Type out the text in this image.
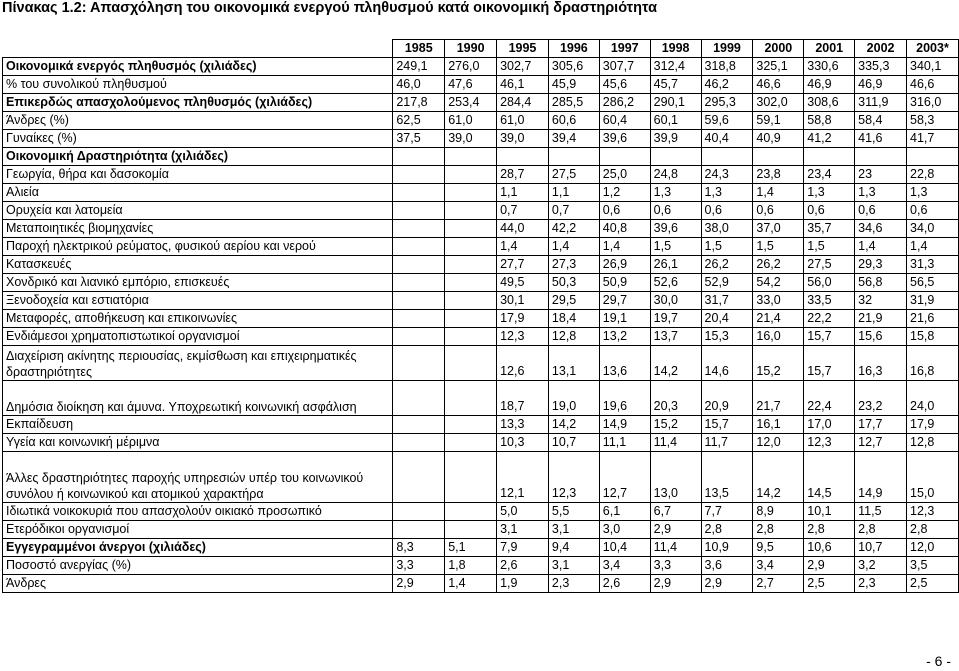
Πίνακας 1.2: Απασχόληση του οικονομικά ενεργού πληθυσμού κατά οικονομική δραστηριότητα
	1985	1990	1995	1996	1997	1998	1999	2000	2001	2002	2003*
Οικονομικά ενεργός πληθυσμός (χιλιάδες)	249,1	276,0	302,7	305,6	307,7	312,4	318,8	325,1	330,6	335,3	340,1
% του συνολικού πληθυσμού	46,0	47,6	46,1	45,9	45,6	45,7	46,2	46,6	46,9	46,9	46,6
Επικερδώς απασχολούμενος πληθυσμός (χιλιάδες)	217,8	253,4	284,4	285,5	286,2	290,1	295,3	302,0	308,6	311,9	316,0
Άνδρες (%)	62,5	61,0	61,0	60,6	60,4	60,1	59,6	59,1	58,8	58,4	58,3
Γυναίκες (%)	37,5	39,0	39,0	39,4	39,6	39,9	40,4	40,9	41,2	41,6	41,7
Οικονομική Δραστηριότητα (χιλιάδες)											
Γεωργία, θήρα και δασοκομία			28,7	27,5	25,0	24,8	24,3	23,8	23,4	23	22,8
Αλιεία			1,1	1,1	1,2	1,3	1,3	1,4	1,3	1,3	1,3
Ορυχεία και λατομεία			0,7	0,7	0,6	0,6	0,6	0,6	0,6	0,6	0,6
Μεταποιητικές βιομηχανίες			44,0	42,2	40,8	39,6	38,0	37,0	35,7	34,6	34,0
Παροχή ηλεκτρικού ρεύματος, φυσικού αερίου και νερού			1,4	1,4	1,4	1,5	1,5	1,5	1,5	1,4	1,4
Κατασκευές			27,7	27,3	26,9	26,1	26,2	26,2	27,5	29,3	31,3
Χονδρικό και λιανικό εμπόριο, επισκευές			49,5	50,3	50,9	52,6	52,9	54,2	56,0	56,8	56,5
Ξενοδοχεία και εστιατόρια			30,1	29,5	29,7	30,0	31,7	33,0	33,5	32	31,9
Μεταφορές, αποθήκευση και επικοινωνίες			17,9	18,4	19,1	19,7	20,4	21,4	22,2	21,9	21,6
Ενδιάμεσοι χρηματοπιστωτικοί οργανισμοί			12,3	12,8	13,2	13,7	15,3	16,0	15,7	15,6	15,8
Διαχείριση ακίνητης περιουσίας, εκμίσθωση και επιχειρηματικές δραστηριότητες			12,6	13,1	13,6	14,2	14,6	15,2	15,7	16,3	16,8
Δημόσια διοίκηση και άμυνα. Υποχρεωτική κοινωνική ασφάλιση			18,7	19,0	19,6	20,3	20,9	21,7	22,4	23,2	24,0
Εκπαίδευση			13,3	14,2	14,9	15,2	15,7	16,1	17,0	17,7	17,9
Υγεία και κοινωνική μέριμνα			10,3	10,7	11,1	11,4	11,7	12,0	12,3	12,7	12,8
Άλλες δραστηριότητες παροχής υπηρεσιών υπέρ του κοινωνικού συνόλου ή κοινωνικού και ατομικού χαρακτήρα			12,1	12,3	12,7	13,0	13,5	14,2	14,5	14,9	15,0
Ιδιωτικά νοικοκυριά που απασχολούν οικιακό προσωπικό			5,0	5,5	6,1	6,7	7,7	8,9	10,1	11,5	12,3
Ετερόδικοι οργανισμοί			3,1	3,1	3,0	2,9	2,8	2,8	2,8	2,8	2,8
Εγγεγραμμένοι άνεργοι (χιλιάδες)	8,3	5,1	7,9	9,4	10,4	11,4	10,9	9,5	10,6	10,7	12,0
Ποσοστό ανεργίας (%)	3,3	1,8	2,6	3,1	3,4	3,3	3,6	3,4	2,9	3,2	3,5
Άνδρες	2,9	1,4	1,9	2,3	2,6	2,9	2,9	2,7	2,5	2,3	2,5
- 6 -
